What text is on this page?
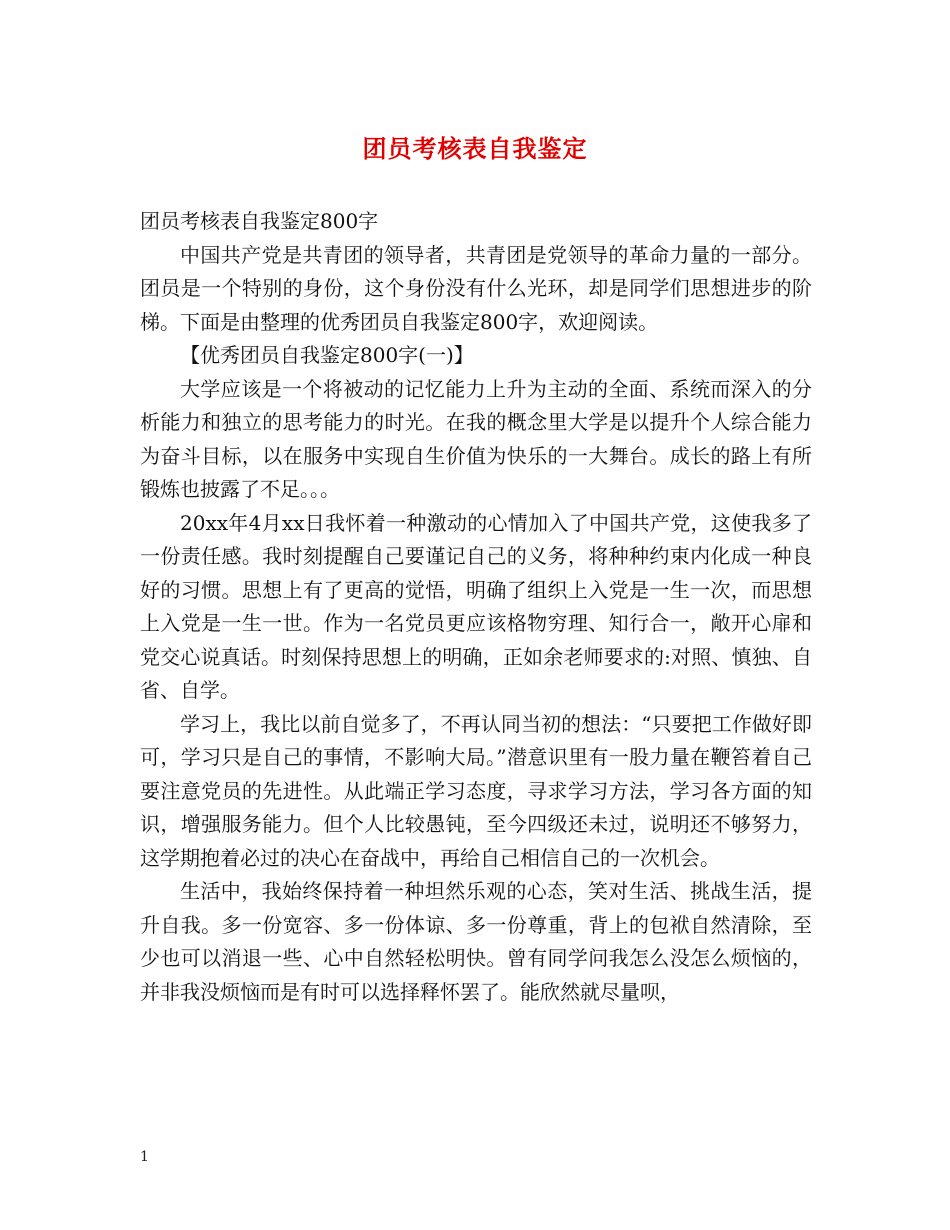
团员考核表自我鉴定

团员考核表自我鉴定800字

中国共产党是共青团的领导者，共青团是党领导的革命力量的一部分。团员是一个特别的身份，这个身份没有什么光环，却是同学们思想进步的阶梯。下面是由整理的优秀团员自我鉴定800字，欢迎阅读。

【优秀团员自我鉴定800字(一)】

大学应该是一个将被动的记忆能力上升为主动的全面、系统而深入的分析能力和独立的思考能力的时光。在我的概念里大学是以提升个人综合能力为奋斗目标，以在服务中实现自生价值为快乐的一大舞台。成长的路上有所锻炼也披露了不足。。。

20xx年4月xx日我怀着一种激动的心情加入了中国共产党，这使我多了一份责任感。我时刻提醒自己要谨记自己的义务，将种种约束内化成一种良好的习惯。思想上有了更高的觉悟，明确了组织上入党是一生一次，而思想上入党是一生一世。作为一名党员更应该格物穷理、知行合一，敞开心扉和党交心说真话。时刻保持思想上的明确，正如余老师要求的:对照、慎独、自省、自学。

学习上，我比以前自觉多了，不再认同当初的想法：“只要把工作做好即可，学习只是自己的事情，不影响大局。”潜意识里有一股力量在鞭笞着自己要注意党员的先进性。从此端正学习态度，寻求学习方法，学习各方面的知识，增强服务能力。但个人比较愚钝，至今四级还未过，说明还不够努力，这学期抱着必过的决心在奋战中，再给自己相信自己的一次机会。

生活中，我始终保持着一种坦然乐观的心态，笑对生活、挑战生活，提升自我。多一份宽容、多一份体谅、多一份尊重，背上的包袱自然清除，至少也可以消退一些、心中自然轻松明快。曾有同学问我怎么没怎么烦恼的，并非我没烦恼而是有时可以选择释怀罢了。能欣然就尽量呗，

1
